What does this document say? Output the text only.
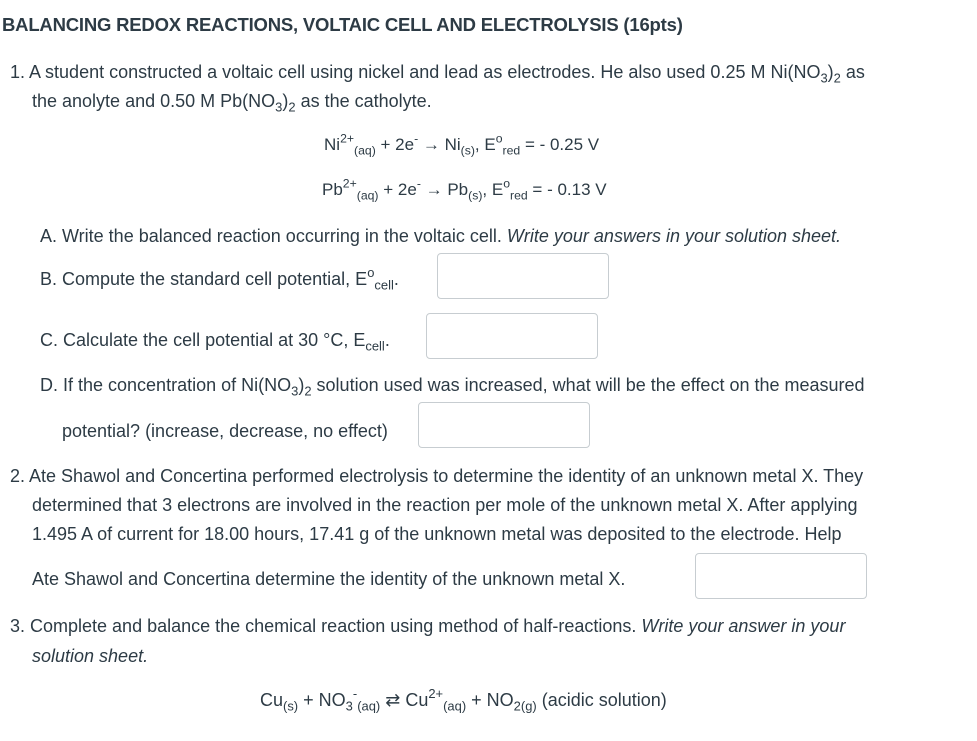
BALANCING REDOX REACTIONS, VOLTAIC CELL AND ELECTROLYSIS (16pts)
1. A student constructed a voltaic cell using nickel and lead as electrodes. He also used 0.25 M $Ni(NO_3)_2$ as
the anolyte and 0.50 M $Pb(NO_3)_2$ as the catholyte.
$Ni^{2+}_{(aq)} + 2e^- \to Ni_{(s)}$, $E^o_{red}$ = - 0.25 V
$Pb^{2+}_{(aq)} + 2e^- \to Pb_{(s)}$, $E^o_{red}$ = - 0.13 V
A. Write the balanced reaction occurring in the voltaic cell. Write your answers in your solution sheet.
B. Compute the standard cell potential, $E^o_{cell}$.
C. Calculate the cell potential at 30 °C, $E_{cell}$.
D. If the concentration of $Ni(NO_3)_2$ solution used was increased, what will be the effect on the measured
potential? (increase, decrease, no effect)
2. Ate Shawol and Concertina performed electrolysis to determine the identity of an unknown metal X. They
determined that 3 electrons are involved in the reaction per mole of the unknown metal X. After applying
1.495 A of current for 18.00 hours, 17.41 g of the unknown metal was deposited to the electrode. Help
Ate Shawol and Concertina determine the identity of the unknown metal X.
3. Complete and balance the chemical reaction using method of half-reactions. Write your answer in your
solution sheet.
$Cu_{(s)} + NO_3^-_{(aq)}$ ⇄ $Cu^{2+}_{(aq)} + NO_{2(g)}$ (acidic solution)
